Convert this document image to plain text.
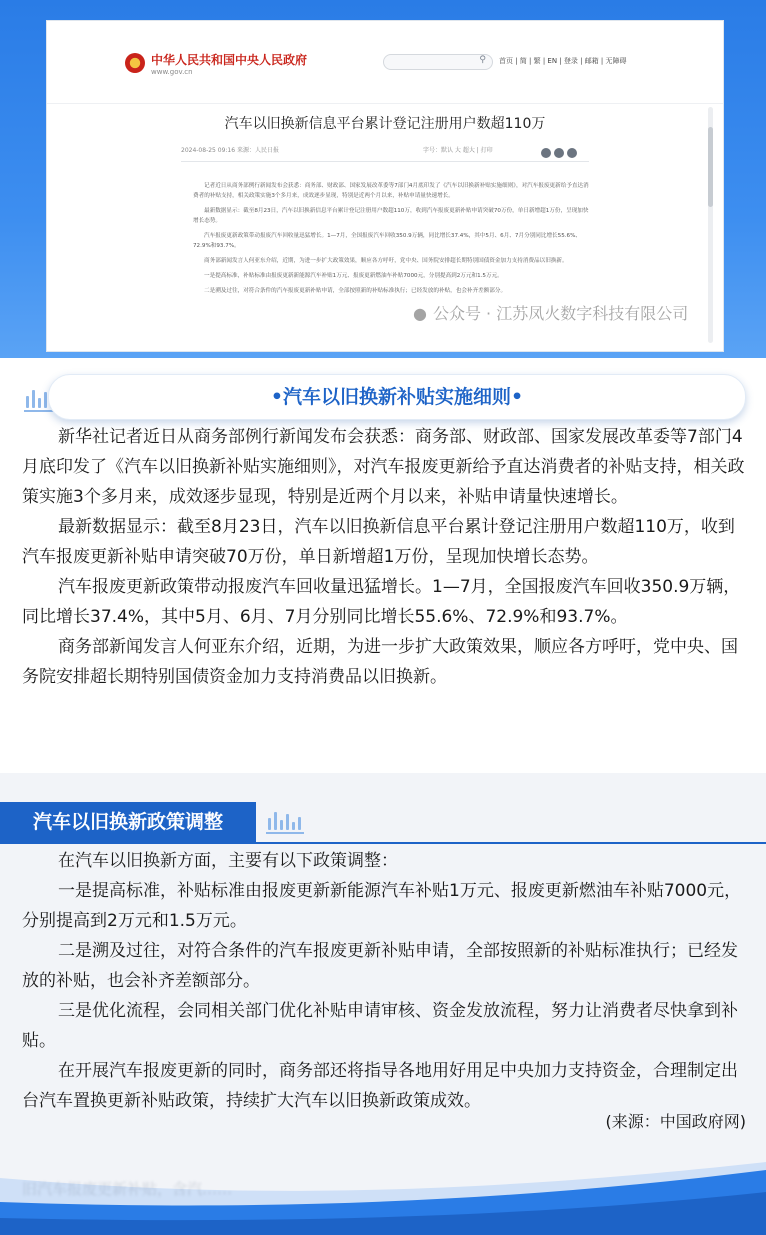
中华人民共和国中央人民政府
www.gov.cn
⚲ 首页 | 简 | 繁 | EN | 登录 | 邮箱 | 无障碍
汽车以旧换新信息平台累计登记注册用户数超110万
2024-08-25 09:16 来源：人民日报	字号：默认 大 超大 | 打印

记者近日从商务部例行新闻发布会获悉：商务部、财政部、国家发展改革委等7部门4月底印发了《汽车以旧换新补贴实施细则》，对汽车报废更新给予直达消费者的补贴支持，相关政策实施3个多月来，成效逐步显现，特别是近两个月以来，补贴申请量快速增长。

最新数据显示：截至8月23日，汽车以旧换新信息平台累计登记注册用户数超110万，收到汽车报废更新补贴申请突破70万份，单日新增超1万份，呈现加快增长态势。

汽车报废更新政策带动报废汽车回收量迅猛增长。1—7月，全国报废汽车回收350.9万辆，同比增长37.4%，其中5月、6月、7月分别同比增长55.6%、72.9%和93.7%。

商务部新闻发言人何亚东介绍，近期，为进一步扩大政策效果，顺应各方呼吁，党中央、国务院安排超长期特别国债资金加力支持消费品以旧换新。

一是提高标准，补贴标准由报废更新新能源汽车补贴1万元、报废更新燃油车补贴7000元，分别提高到2万元和1.5万元。

二是溯及过往，对符合条件的汽车报废更新补贴申请，全部按照新的补贴标准执行；已经发放的补贴，也会补齐差额部分。

● 公众号 · 江苏凤火数字科技有限公司
•汽车以旧换新补贴实施细则•

新华社记者近日从商务部例行新闻发布会获悉：商务部、财政部、国家发展改革委等7部门4月底印发了《汽车以旧换新补贴实施细则》，对汽车报废更新给予直达消费者的补贴支持，相关政策实施3个多月来，成效逐步显现，特别是近两个月以来，补贴申请量快速增长。

最新数据显示：截至8月23日，汽车以旧换新信息平台累计登记注册用户数超110万，收到汽车报废更新补贴申请突破70万份，单日新增超1万份，呈现加快增长态势。

汽车报废更新政策带动报废汽车回收量迅猛增长。1—7月，全国报废汽车回收350.9万辆，同比增长37.4%，其中5月、6月、7月分别同比增长55.6%、72.9%和93.7%。

商务部新闻发言人何亚东介绍，近期，为进一步扩大政策效果，顺应各方呼吁，党中央、国务院安排超长期特别国债资金加力支持消费品以旧换新。

汽车以旧换新政策调整

在汽车以旧换新方面，主要有以下政策调整：

一是提高标准，补贴标准由报废更新新能源汽车补贴1万元、报废更新燃油车补贴7000元，分别提高到2万元和1.5万元。

二是溯及过往，对符合条件的汽车报废更新补贴申请，全部按照新的补贴标准执行；已经发放的补贴，也会补齐差额部分。

三是优化流程，会同相关部门优化补贴申请审核、资金发放流程，努力让消费者尽快拿到补贴。

在开展汽车报废更新的同时，商务部还将指导各地用好用足中央加力支持资金，合理制定出台汽车置换更新补贴政策，持续扩大汽车以旧换新政策成效。

(来源：中国政府网)
旧汽车报废更新补贴，含汽……
